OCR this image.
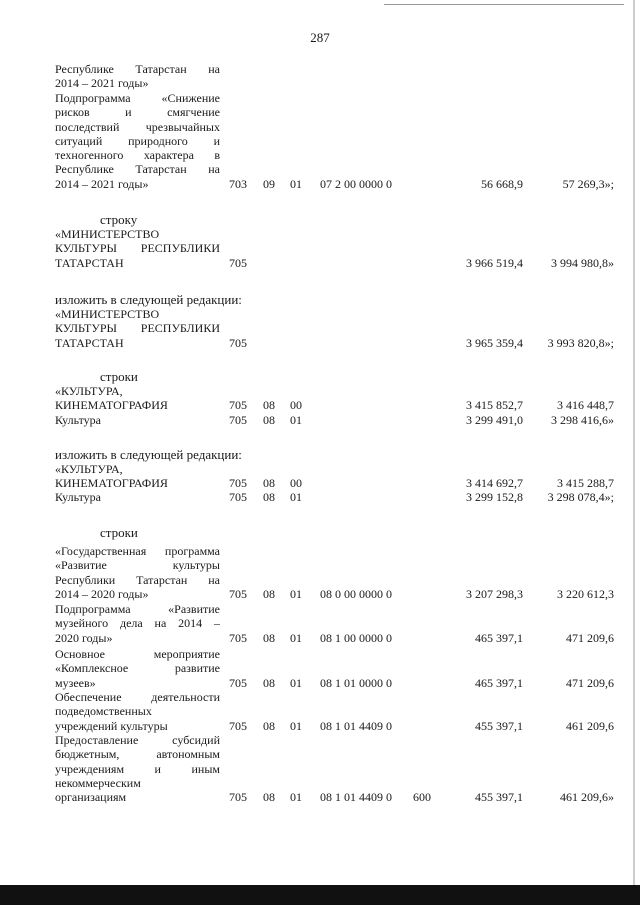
287
Республике Татарстан на
2014 – 2021 годы»
Подпрограмма «Снижение
рисков и смягчение
последствий чрезвычайных
ситуаций природного и
техногенного характера в
Республике Татарстан на
2014 – 2021 годы»	703 09 01 07 2 00 0000 0	56 668,9	57 269,3»;
строку
«МИНИСТЕРСТВО
КУЛЬТУРЫ РЕСПУБЛИКИ
ТАТАРСТАН	705	3 966 519,4	3 994 980,8»
изложить в следующей редакции:
«МИНИСТЕРСТВО
КУЛЬТУРЫ РЕСПУБЛИКИ
ТАТАРСТАН	705	3 965 359,4	3 993 820,8»;
строки
«КУЛЬТУРА,
КИНЕМАТОГРАФИЯ	705 08 00	3 415 852,7	3 416 448,7
Культура	705 08 01	3 299 491,0	3 298 416,6»
изложить в следующей редакции:
«КУЛЬТУРА,
КИНЕМАТОГРАФИЯ	705 08 00	3 414 692,7	3 415 288,7
Культура	705 08 01	3 299 152,8	3 298 078,4»;
строки
«Государственная программа
«Развитие культуры
Республики Татарстан на
2014 – 2020 годы»	705 08 01 08 0 00 0000 0	3 207 298,3	3 220 612,3
Подпрограмма «Развитие
музейного дела на 2014 –
2020 годы»	705 08 01 08 1 00 0000 0	465 397,1	471 209,6
Основное мероприятие
«Комплексное развитие
музеев»	705 08 01 08 1 01 0000 0	465 397,1	471 209,6
Обеспечение деятельности
подведомственных
учреждений культуры	705 08 01 08 1 01 4409 0	455 397,1	461 209,6
Предоставление субсидий
бюджетным, автономным
учреждениям и иным
некоммерческим
организациям	705 08 01 08 1 01 4409 0 600	455 397,1	461 209,6»
